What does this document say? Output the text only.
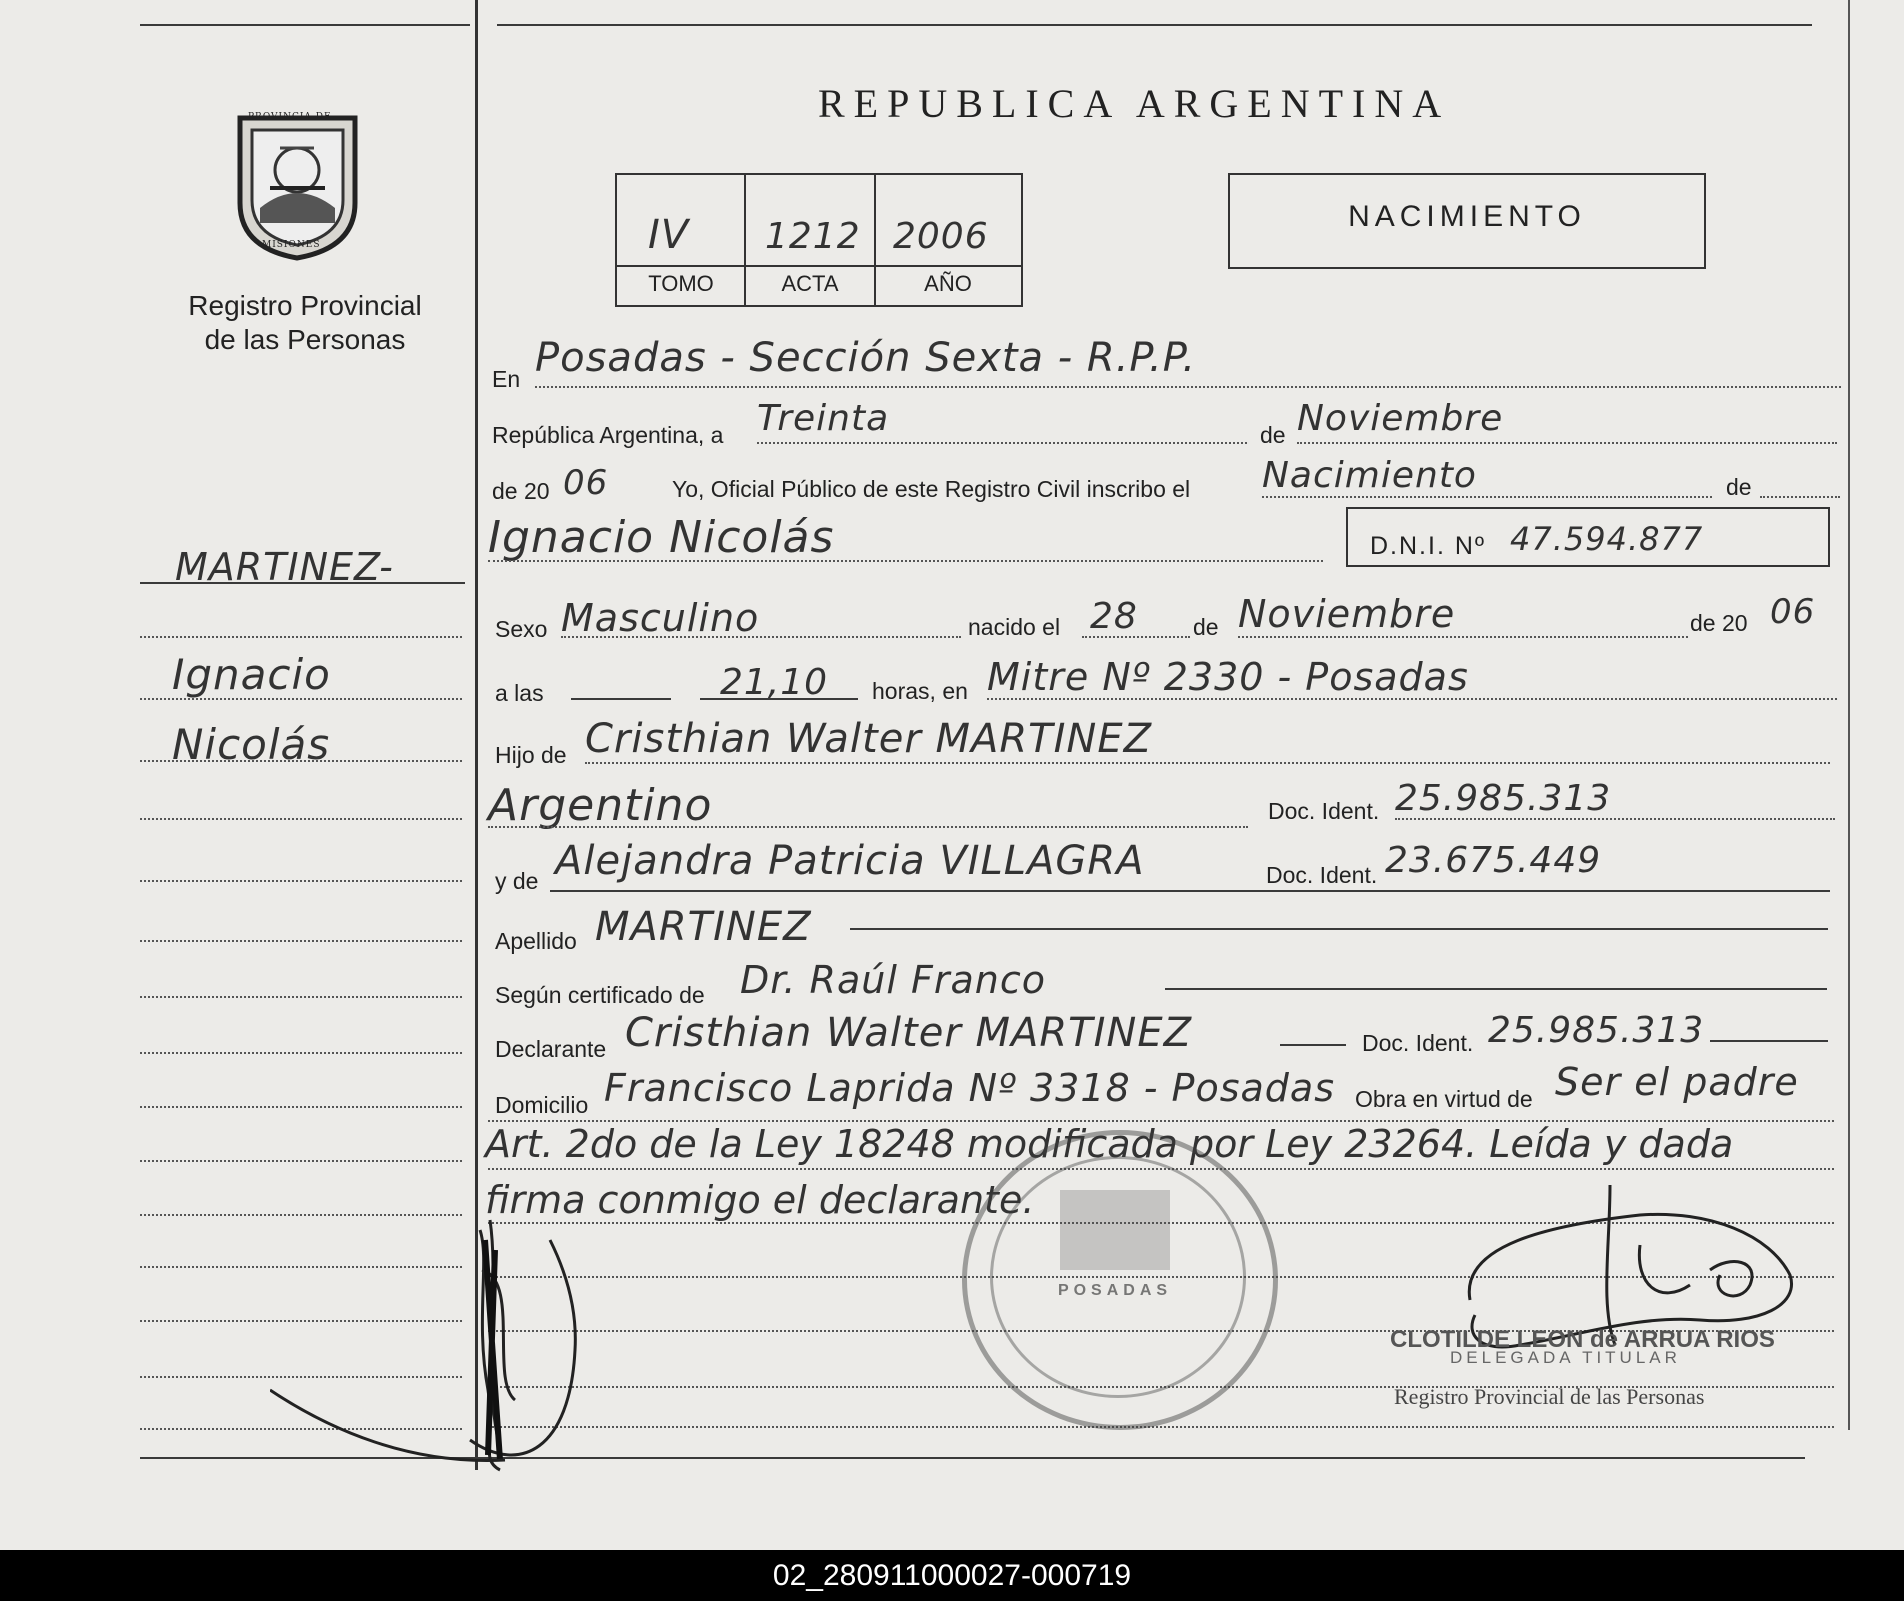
PROVINCIA DE
MISIONES
Registro Provincial
de las Personas
MARTINEZ-
Ignacio
Nicolás
REPUBLICA ARGENTINA
IV 1212 2006
TOMO	ACTA	AÑO
NACIMIENTO
En Posadas - Sección Sexta - R.P.P.
República Argentina, a Treinta	de Noviembre
de 20 06	Yo, Oficial Público de este Registro Civil inscribo el Nacimiento	de
Ignacio Nicolás	D.N.I. Nº 47.594.877
Sexo Masculino	nacido el 28 de Noviembre	de 20 06
a las	21,10 horas, en Mitre Nº 2330 - Posadas
Hijo de Cristhian Walter MARTINEZ
Argentino	Doc. Ident. 25.985.313
y de Alejandra Patricia VILLAGRA	Doc. Ident. 23.675.449
Apellido MARTINEZ
Según certificado de Dr. Raúl Franco
Declarante Cristhian Walter MARTINEZ	Doc. Ident. 25.985.313
Domicilio Francisco Laprida Nº 3318 - Posadas Obra en virtud de Ser el padre
Art. 2do de la Ley 18248 modificada por Ley 23264. Leída y dada
firma conmigo el declarante.
POSADAS
CLOTILDE LEON de ARRUA RIOS
DELEGADA TITULAR
Registro Provincial de las Personas
02_280911000027-000719
